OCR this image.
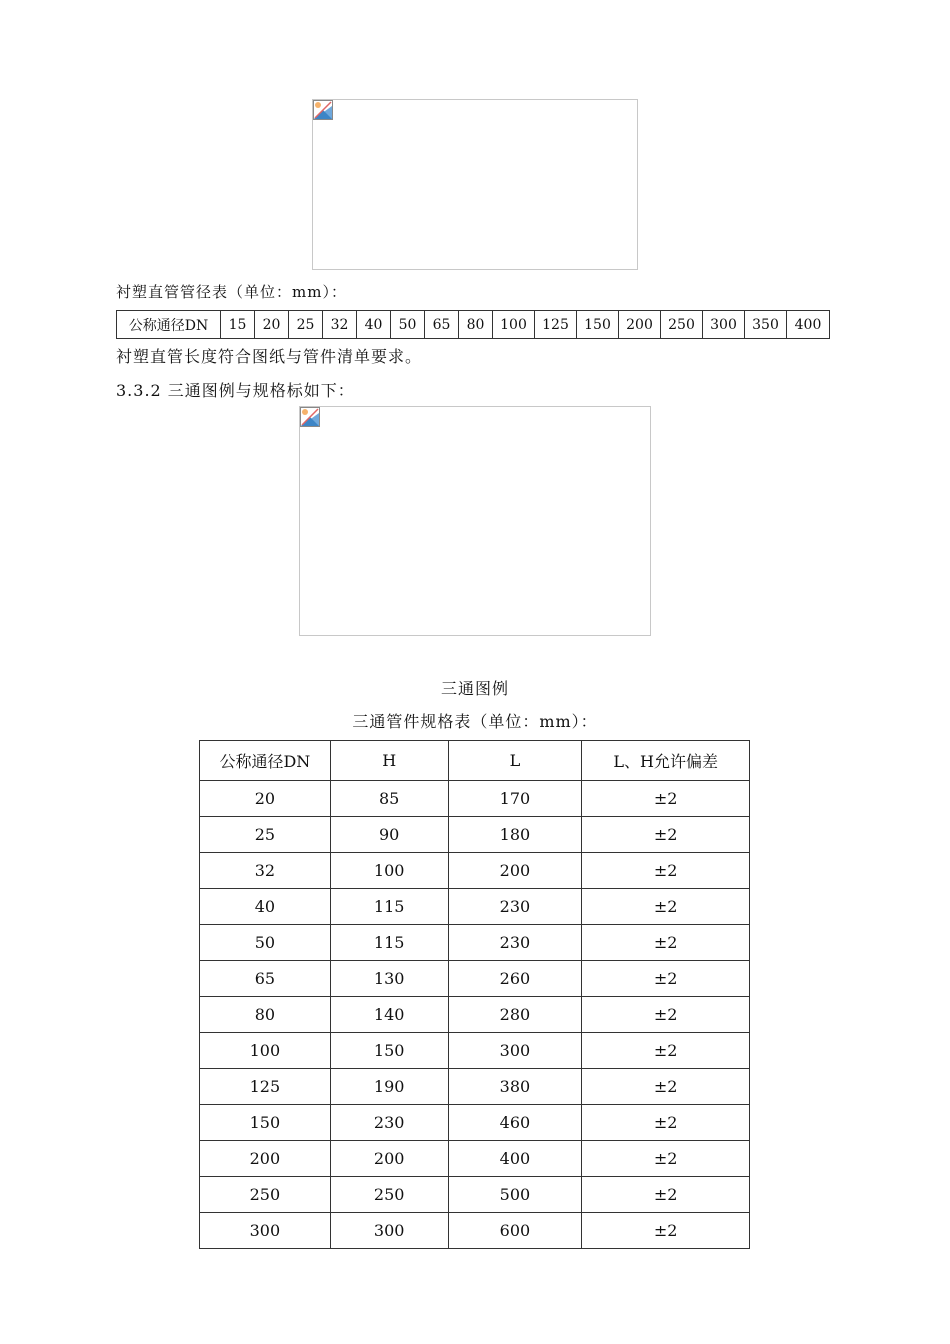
衬塑直管管径表（单位：mm）：
公称通径DN	15	20	25	32	40	50	65	80	100	125	150	200	250	300	350	400
衬塑直管长度符合图纸与管件清单要求。
3.3.2 三通图例与规格标如下：
三通图例
三通管件规格表（单位：mm）：
公称通径DN	H	L	L、H允许偏差
20	85	170	±2
25	90	180	±2
32	100	200	±2
40	115	230	±2
50	115	230	±2
65	130	260	±2
80	140	280	±2
100	150	300	±2
125	190	380	±2
150	230	460	±2
200	200	400	±2
250	250	500	±2
300	300	600	±2
